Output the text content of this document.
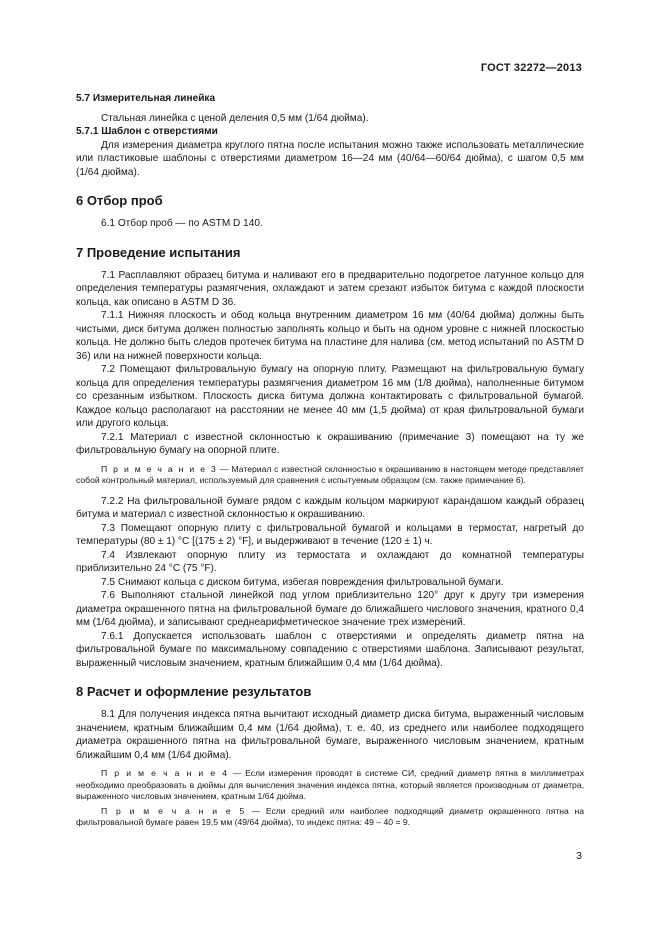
ГОСТ 32272—2013
5.7 Измерительная линейка

Стальная линейка с ценой деления 0,5 мм (1/64 дюйма).

5.7.1 Шаблон с отверстиями

Для измерения диаметра круглого пятна после испытания можно также использовать металлические или пластиковые шаблоны с отверстиями диаметром 16—24 мм (40/64—60/64 дюйма), с шагом 0,5 мм (1/64 дюйма).

6 Отбор проб

6.1 Отбор проб — по ASTM D 140.

7 Проведение испытания

7.1 Расплавляют образец битума и наливают его в предварительно подогретое латунное кольцо для определения температуры размягчения, охлаждают и затем срезают избыток битума с каждой плоскости кольца, как описано в ASTM D 36.

7.1.1 Нижняя плоскость и обод кольца внутренним диаметром 16 мм (40/64 дюйма) должны быть чистыми, диск битума должен полностью заполнять кольцо и быть на одном уровне с нижней плоскостью кольца. Не должно быть следов протечек битума на пластине для налива (см. метод испытаний по ASTM D 36) или на нижней поверхности кольца.

7.2 Помещают фильтровальную бумагу на опорную плиту. Размещают на фильтровальную бумагу кольца для определения температуры размягчения диаметром 16 мм (1/8 дюйма), наполненные битумом со срезанным избытком. Плоскость диска битума должна контактировать с фильтровальной бумагой. Каждое кольцо располагают на расстоянии не менее 40 мм (1,5 дюйма) от края фильтровальной бумаги или другого кольца.

7.2.1 Материал с известной склонностью к окрашиванию (примечание 3) помещают на ту же фильтровальную бумагу на опорной плите.

П р и м е ч а н и е 3 — Материал с известной склонностью к окрашиванию в настоящем методе представляет собой контрольный материал, используемый для сравнения с испытуемым образцом (см. также примечание 6).

7.2.2 На фильтровальной бумаге рядом с каждым кольцом маркируют карандашом каждый образец битума и материал с известной склонностью к окрашиванию.

7.3 Помещают опорную плиту с фильтровальной бумагой и кольцами в термостат, нагретый до температуры (80 ± 1) °C [(175 ± 2) °F], и выдерживают в течение (120 ± 1) ч.

7.4 Извлекают опорную плиту из термостата и охлаждают до комнатной температуры приблизительно 24 °C (75 °F).

7.5 Снимают кольца с диском битума, избегая повреждения фильтровальной бумаги.

7.6 Выполняют стальной линейкой под углом приблизительно 120° друг к другу три измерения диаметра окрашенного пятна на фильтровальной бумаге до ближайшего числового значения, кратного 0,4 мм (1/64 дюйма), и записывают среднеарифметическое значение трех измерений.

7.6.1 Допускается использовать шаблон с отверстиями и определять диаметр пятна на фильтровальной бумаге по максимальному совпадению с отверстиями шаблона. Записывают результат, выраженный числовым значением, кратным ближайшим 0,4 мм (1/64 дюйма).

8 Расчет и оформление результатов

8.1 Для получения индекса пятна вычитают исходный диаметр диска битума, выраженный числовым значением, кратным ближайшим 0,4 мм (1/64 дюйма), т. е. 40, из среднего или наиболее подходящего диаметра окрашенного пятна на фильтровальной бумаге, выраженного числовым значением, кратным ближайшим 0,4 мм (1/64 дюйма).

П р и м е ч а н и е 4 — Если измерения проводят в системе СИ, средний диаметр пятна в миллиметрах необходимо преобразовать в дюймы для вычисления значения индекса пятна, который является производным от диаметра, выраженного числовым значением, кратным 1/64 дюйма.

П р и м е ч а н и е 5 — Если средний или наиболее подходящий диаметр окрашенного пятна на фильтровальной бумаге равен 19,5 мм (49/64 дюйма), то индекс пятна: 49 – 40 = 9.

3
